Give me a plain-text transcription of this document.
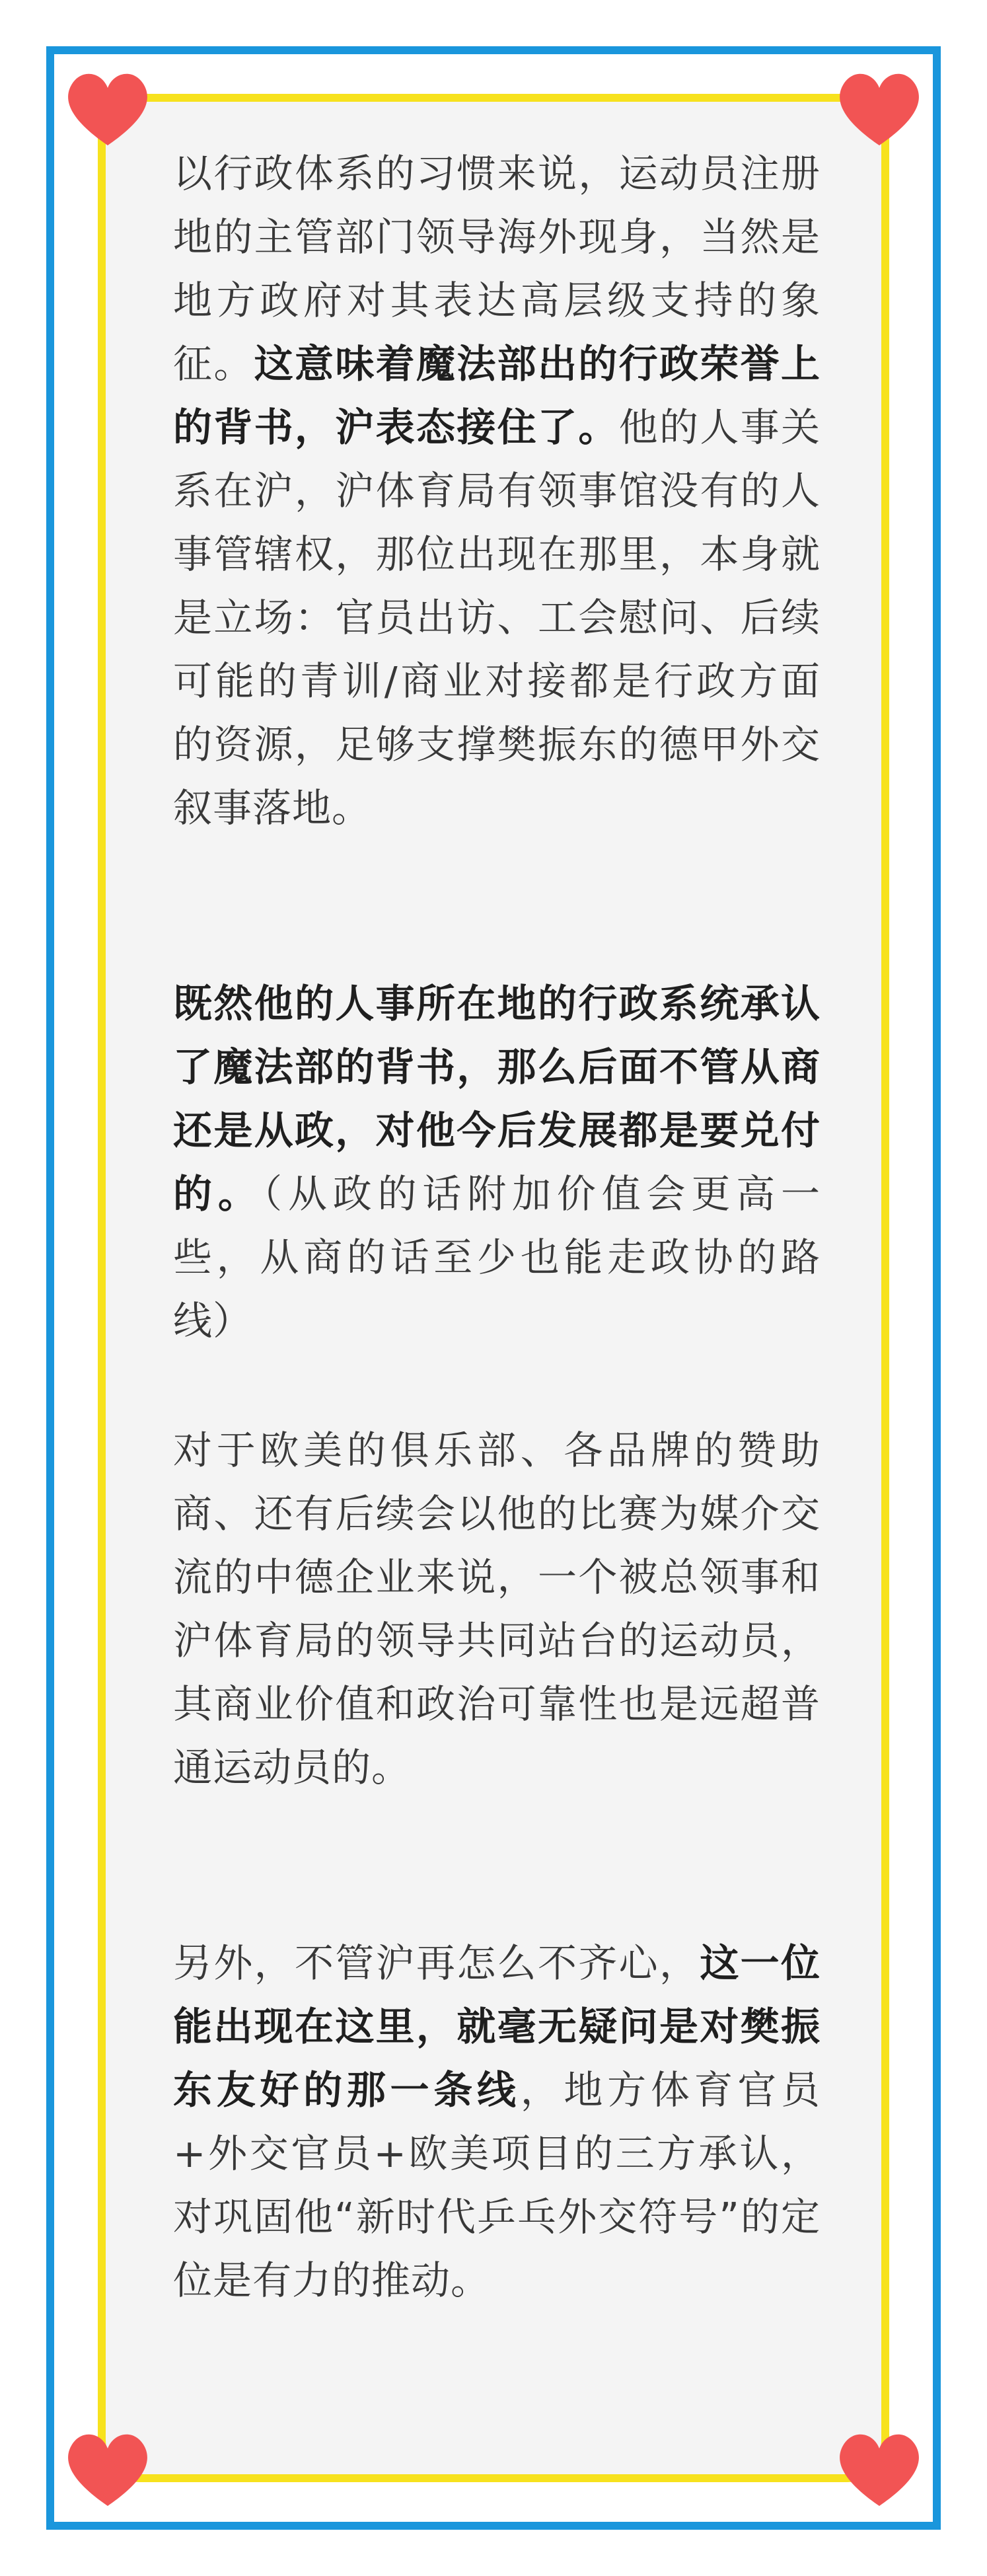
以行政体系的习惯来说，运动员注册地的主管部门领导海外现身，当然是地方政府对其表达高层级支持的象征。这意味着魔法部出的行政荣誉上的背书，沪表态接住了。他的人事关系在沪，沪体育局有领事馆没有的人事管辖权，那位出现在那里，本身就是立场：官员出访、工会慰问、后续可能的青训/商业对接都是行政方面的资源，足够支撑樊振东的德甲外交叙事落地。

既然他的人事所在地的行政系统承认了魔法部的背书，那么后面不管从商还是从政，对他今后发展都是要兑付的。（从政的话附加价值会更高一些，从商的话至少也能走政协的路线）

对于欧美的俱乐部、各品牌的赞助商、还有后续会以他的比赛为媒介交流的中德企业来说，一个被总领事和沪体育局的领导共同站台的运动员，其商业价值和政治可靠性也是远超普通运动员的。

另外，不管沪再怎么不齐心，这一位能出现在这里，就毫无疑问是对樊振东友好的那一条线，地方体育官员+外交官员+欧美项目的三方承认，对巩固他“新时代乒乓外交符号”的定位是有力的推动。
